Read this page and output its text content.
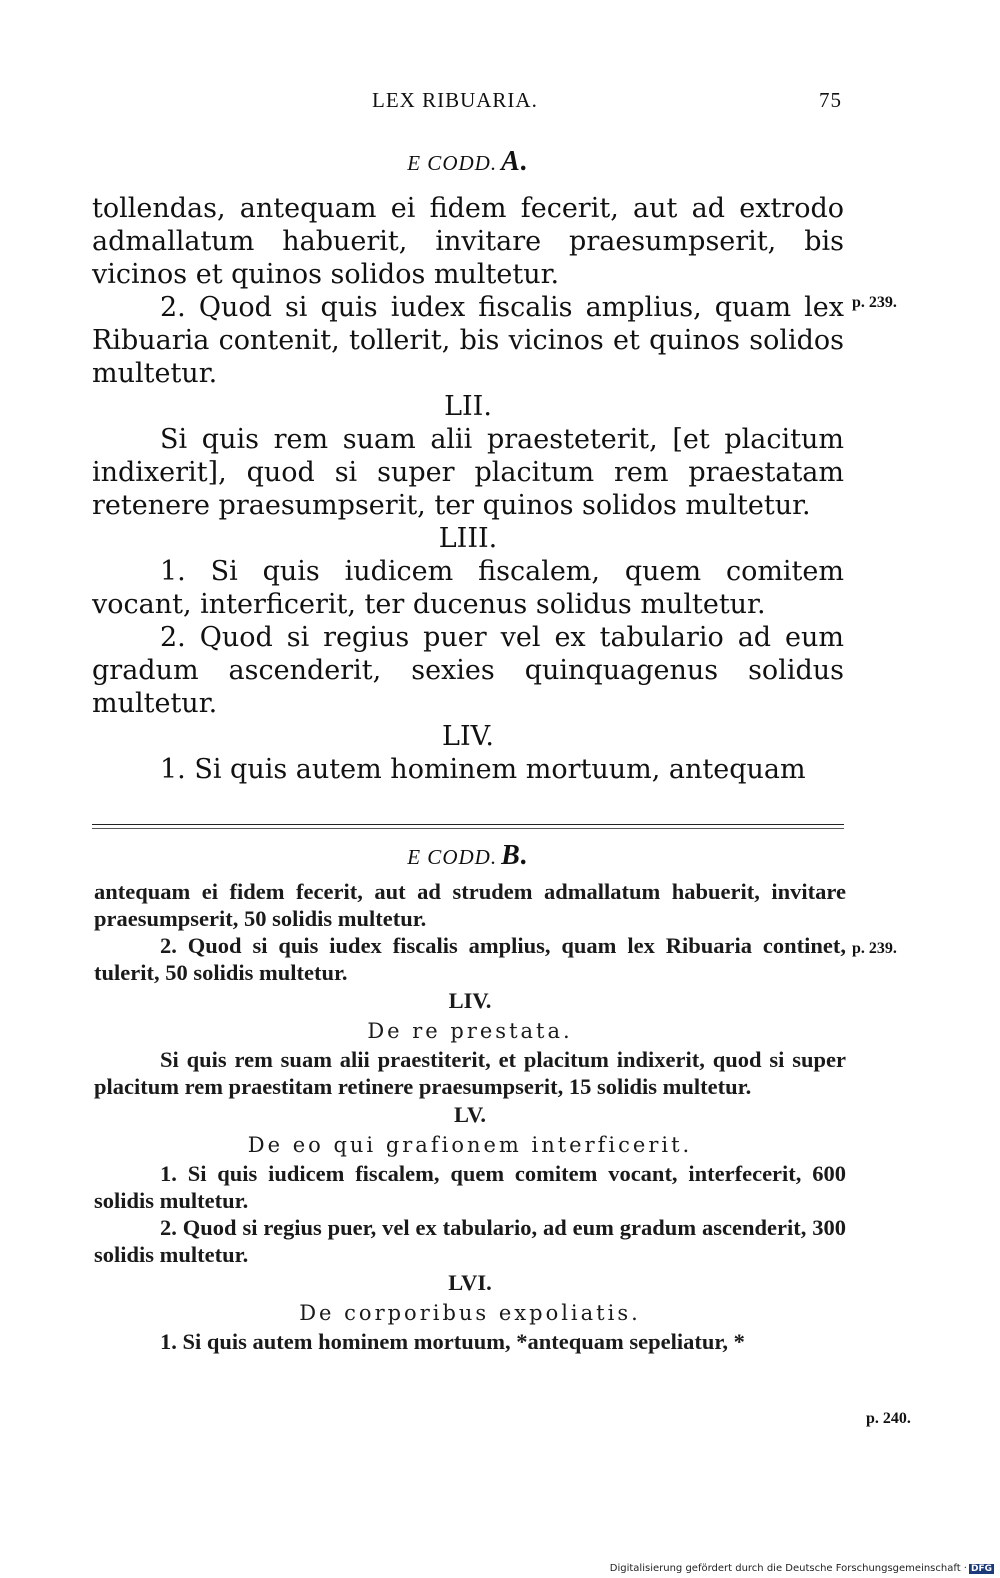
LEX RIBUARIA.	75
E CODD. A.

tollendas, antequam ei fidem fecerit, aut ad extrodo admallatum habuerit, invitare praesumpserit, bis vicinos et quinos solidos multetur.

2. Quod si quis iudex fiscalis amplius, quam lex Ribuaria contenit, tollerit, bis vicinos et quinos solidos multetur.

LII.

Si quis rem suam alii praesteterit, [et placitum indixerit], quod si super placitum rem praestatam retenere praesumpserit, ter quinos solidos multetur.

LIII.

1. Si quis iudicem fiscalem, quem comitem vocant, interficerit, ter ducenus solidus multetur.

2. Quod si regius puer vel ex tabulario ad eum gradum ascenderit, sexies quinquagenus solidus multetur.

LIV.

1. Si quis autem hominem mortuum, antequam

E CODD. B.

antequam ei fidem fecerit, aut ad strudem admallatum habuerit, invitare praesumpserit, 50 solidis multetur.

2. Quod si quis iudex fiscalis amplius, quam lex Ribuaria continet, tulerit, 50 solidis multetur.

LIV.

De re prestata.

Si quis rem suam alii praestiterit, et placitum indixerit, quod si super placitum rem praestitam retinere praesumpserit, 15 solidis multetur.

LV.

De eo qui grafionem interficerit.

1. Si quis iudicem fiscalem, quem comitem vocant, interfecerit, 600 solidis multetur.

2. Quod si regius puer, vel ex tabulario, ad eum gradum ascenderit, 300 solidis multetur.

LVI.

De corporibus expoliatis.

1. Si quis autem hominem mortuum, *antequam sepeliatur, *

p. 239.
p. 239.
p. 240.
Digitalisierung gefördert durch die Deutsche Forschungsgemeinschaft · DFG
